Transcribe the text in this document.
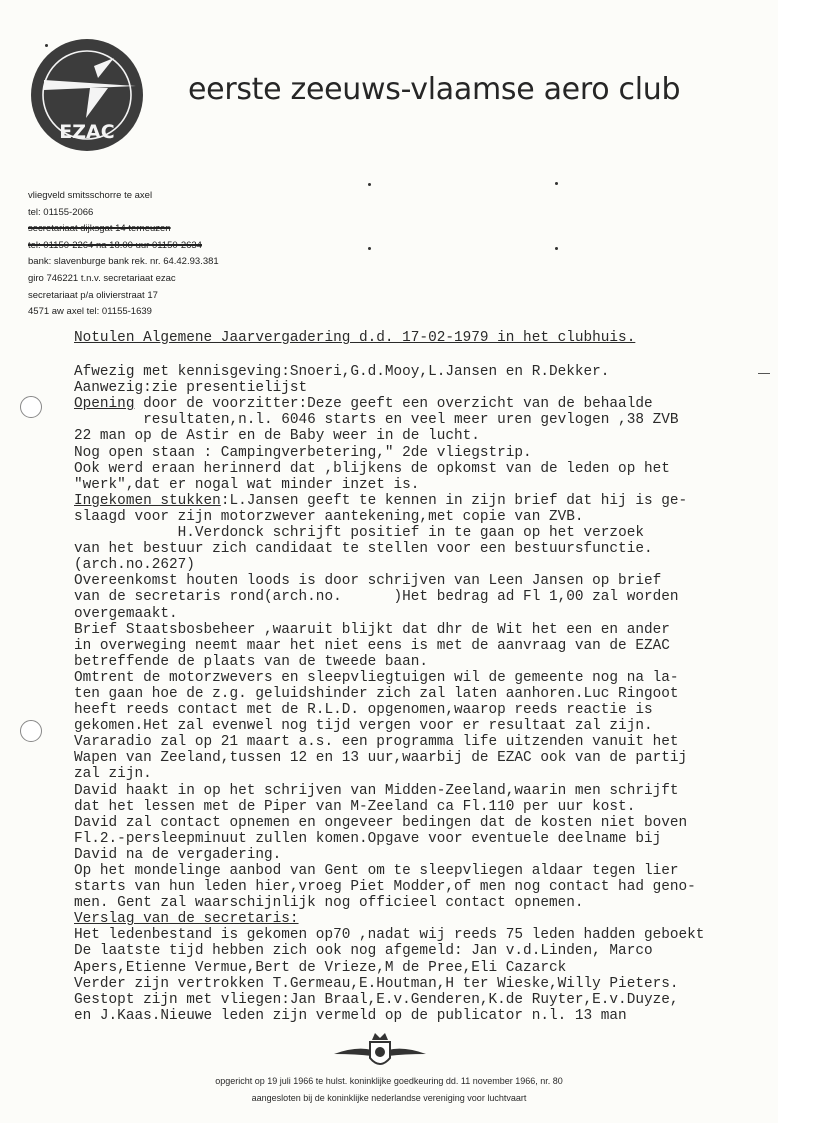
EZAC
eerste zeeuws-vlaamse aero club
vliegveld smitsschorre te axel
tel: 01155-2066
secretariaat dijksgat 14 terneuzen
tel: 01150-2264 na 18.00 uur 01150-2634
bank: slavenburge bank rek. nr. 64.42.93.381
giro 746221 t.n.v. secretariaat ezac
secretariaat p/a olivierstraat 17
4571 aw axel tel: 01155-1639
Notulen Algemene Jaarvergadering d.d. 17-02-1979 in het clubhuis.
Afwezig met kennisgeving:Snoeri,G.d.Mooy,L.Jansen en R.Dekker.
Aanwezig:zie presentielijst
Opening door de voorzitter:Deze geeft een overzicht van de behaalde
resultaten,n.l. 6046 starts en veel meer uren gevlogen ,38 ZVB
22 man op de Astir en de Baby weer in de lucht.
Nog open staan : Campingverbetering," 2de vliegstrip.
Ook werd eraan herinnerd dat ,blijkens de opkomst van de leden op het
"werk",dat er nogal wat minder inzet is.
Ingekomen stukken:L.Jansen geeft te kennen in zijn brief dat hij is ge-
slaagd voor zijn motorzwever aantekening,met copie van ZVB.
H.Verdonck schrijft positief in te gaan op het verzoek
van het bestuur zich candidaat te stellen voor een bestuursfunctie.
(arch.no.2627)
Overeenkomst houten loods is door schrijven van Leen Jansen op brief
van de secretaris rond(arch.no.      )Het bedrag ad Fl 1,00 zal worden
overgemaakt.
Brief Staatsbosbeheer ,waaruit blijkt dat dhr de Wit het een en ander
in overweging neemt maar het niet eens is met de aanvraag van de EZAC
betreffende de plaats van de tweede baan.
Omtrent de motorzwevers en sleepvliegtuigen wil de gemeente nog na la-
ten gaan hoe de z.g. geluidshinder zich zal laten aanhoren.Luc Ringoot
heeft reeds contact met de R.L.D. opgenomen,waarop reeds reactie is
gekomen.Het zal evenwel nog tijd vergen voor er resultaat zal zijn.
Vararadio zal op 21 maart a.s. een programma life uitzenden vanuit het
Wapen van Zeeland,tussen 12 en 13 uur,waarbij de EZAC ook van de partij
zal zijn.
David haakt in op het schrijven van Midden-Zeeland,waarin men schrijft
dat het lessen met de Piper van M-Zeeland ca Fl.110 per uur kost.
David zal contact opnemen en ongeveer bedingen dat de kosten niet boven
Fl.2.-persleepminuut zullen komen.Opgave voor eventuele deelname bij
David na de vergadering.
Op het mondelinge aanbod van Gent om te sleepvliegen aldaar tegen lier
starts van hun leden hier,vroeg Piet Modder,of men nog contact had geno-
men. Gent zal waarschijnlijk nog officieel contact opnemen.
Verslag van de secretaris:
Het ledenbestand is gekomen op70 ,nadat wij reeds 75 leden hadden geboekt
De laatste tijd hebben zich ook nog afgemeld: Jan v.d.Linden, Marco
Apers,Etienne Vermue,Bert de Vrieze,M de Pree,Eli Cazarck
Verder zijn vertrokken T.Germeau,E.Houtman,H ter Wieske,Willy Pieters.
Gestopt zijn met vliegen:Jan Braal,E.v.Genderen,K.de Ruyter,E.v.Duyze,
en J.Kaas.Nieuwe leden zijn vermeld op de publicator n.l. 13 man
opgericht op 19 juli 1966 te hulst. koninklijke goedkeuring dd. 11 november 1966, nr. 80
aangesloten bij de koninklijke nederlandse vereniging voor luchtvaart
